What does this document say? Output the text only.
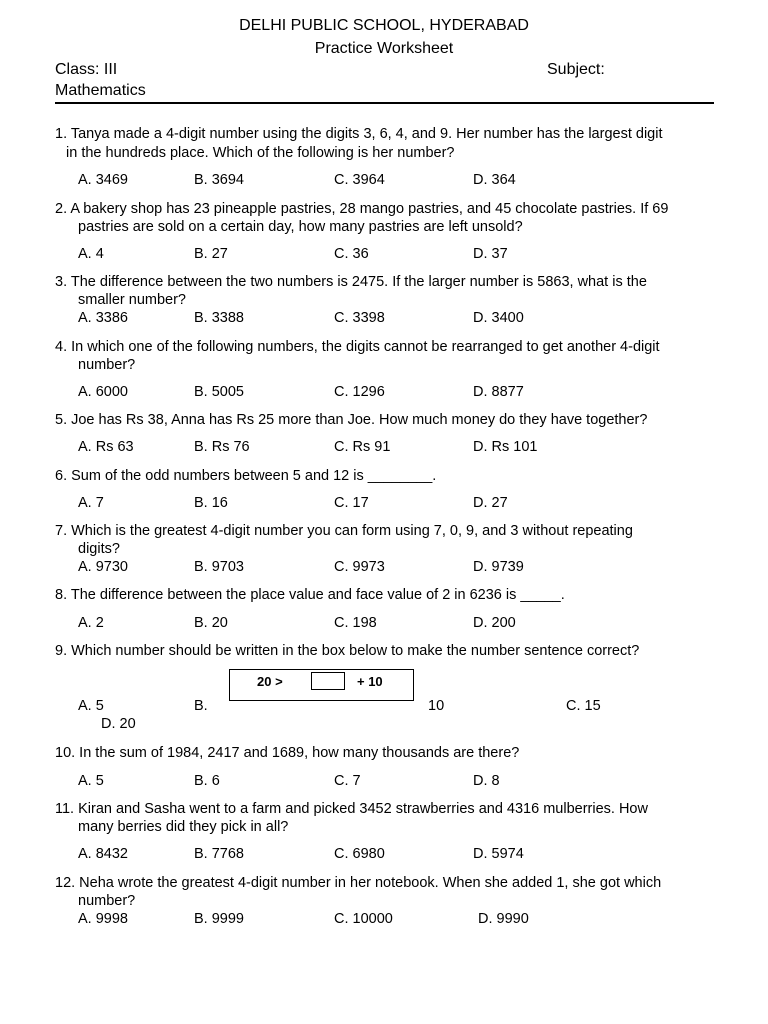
DELHI PUBLIC SCHOOL, HYDERABAD
Practice Worksheet
Class: III	Subject:
Mathematics
1. Tanya made a 4-digit number using the digits 3, 6, 4, and 9. Her number has the largest digit
in the hundreds place. Which of the following is her number?
A. 3469	B. 3694	C. 3964	D. 364
2. A bakery shop has 23 pineapple pastries, 28 mango pastries, and 45 chocolate pastries. If 69
pastries are sold on a certain day, how many pastries are left unsold?
A. 4	B. 27	C. 36	D. 37
3. The difference between the two numbers is 2475. If the larger number is 5863, what is the
smaller number?
A. 3386	B. 3388	C. 3398	D. 3400
4. In which one of the following numbers, the digits cannot be rearranged to get another 4-digit
number?
A. 6000	B. 5005	C. 1296	D. 8877
5. Joe has Rs 38, Anna has Rs 25 more than Joe. How much money do they have together?
A. Rs 63	B. Rs 76	C. Rs 91	D. Rs 101
6. Sum of the odd numbers between 5 and 12 is ________.
A. 7	B. 16	C. 17	D. 27
7. Which is the greatest 4-digit number you can form using 7, 0, 9, and 3 without repeating
digits?
A. 9730	B. 9703	C. 9973	D. 9739
8. The difference between the place value and face value of 2 in 6236 is _____.
A. 2	B. 20	C. 198	D. 200
9. Which number should be written in the box below to make the number sentence correct?
20 >	+ 10
A. 5	B.	10	C. 15
D. 20
10. In the sum of 1984, 2417 and 1689, how many thousands are there?
A. 5	B. 6	C. 7	D. 8
11. Kiran and Sasha went to a farm and picked 3452 strawberries and 4316 mulberries. How
many berries did they pick in all?
A. 8432	B. 7768	C. 6980	D. 5974
12. Neha wrote the greatest 4-digit number in her notebook. When she added 1, she got which
number?
A. 9998	B. 9999	C. 10000	D. 9990
